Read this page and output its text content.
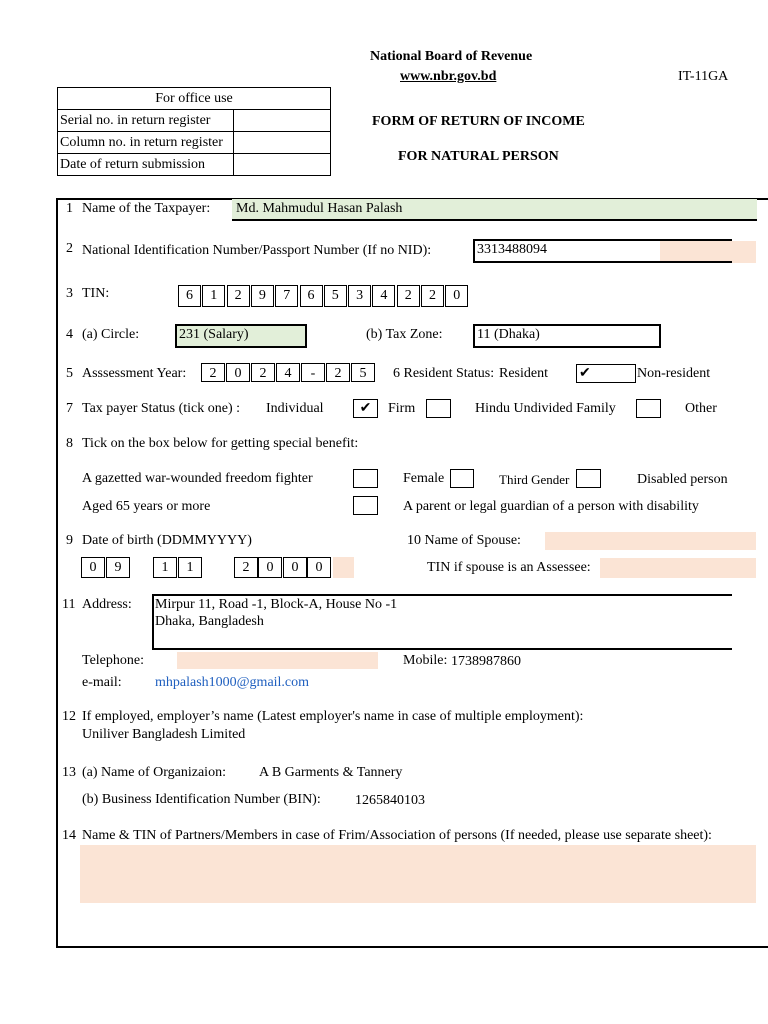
National Board of Revenue
www.nbr.gov.bd	IT-11GA
FORM OF RETURN OF INCOME
FOR NATURAL PERSON
For office use	
Serial no. in return register	
Column no. in return register	
Date of return submission	
1 Name of the Taxpayer: Md. Mahmudul Hasan Palash
2 National Identification Number/Passport Number (If no NID):	3313488094
3 TIN:	6	1	2	9	7	6	5	3	4	2	2	0
4 (a) Circle:	231 (Salary)	(b) Tax Zone: 11 (Dhaka)
5 Asssessment Year:	2	0	2	4	-	2	5	6 Resident Status: Resident ✔	Non-resident
7 Tax payer Status (tick one) : Individual	✔	Firm	Hindu Undivided Family	Other
8 Tick on the box below for getting special benefit:
A gazetted war-wounded freedom fighter	Female	Third Gender	Disabled person
Aged 65 years or more	A parent or legal guardian of a person with disability
9 Date of birth (DDMMYYYY)
0	9	1	1	2	0	0	0
10 Name of Spouse:
TIN if spouse is an Assessee:
11 Address: Mirpur 11, Road -1, Block-A, House No -1
Dhaka, Bangladesh
Telephone:	Mobile: 1738987860
e-mail: mhpalash1000@gmail.com
12 If employed, employer’s name (Latest employer's name in case of multiple employment):
Uniliver Bangladesh Limited
13 (a) Name of Organizaion: A B Garments & Tannery
(b) Business Identification Number (BIN): 1265840103
14 Name & TIN of Partners/Members in case of Frim/Association of persons (If needed, please use separate sheet):
